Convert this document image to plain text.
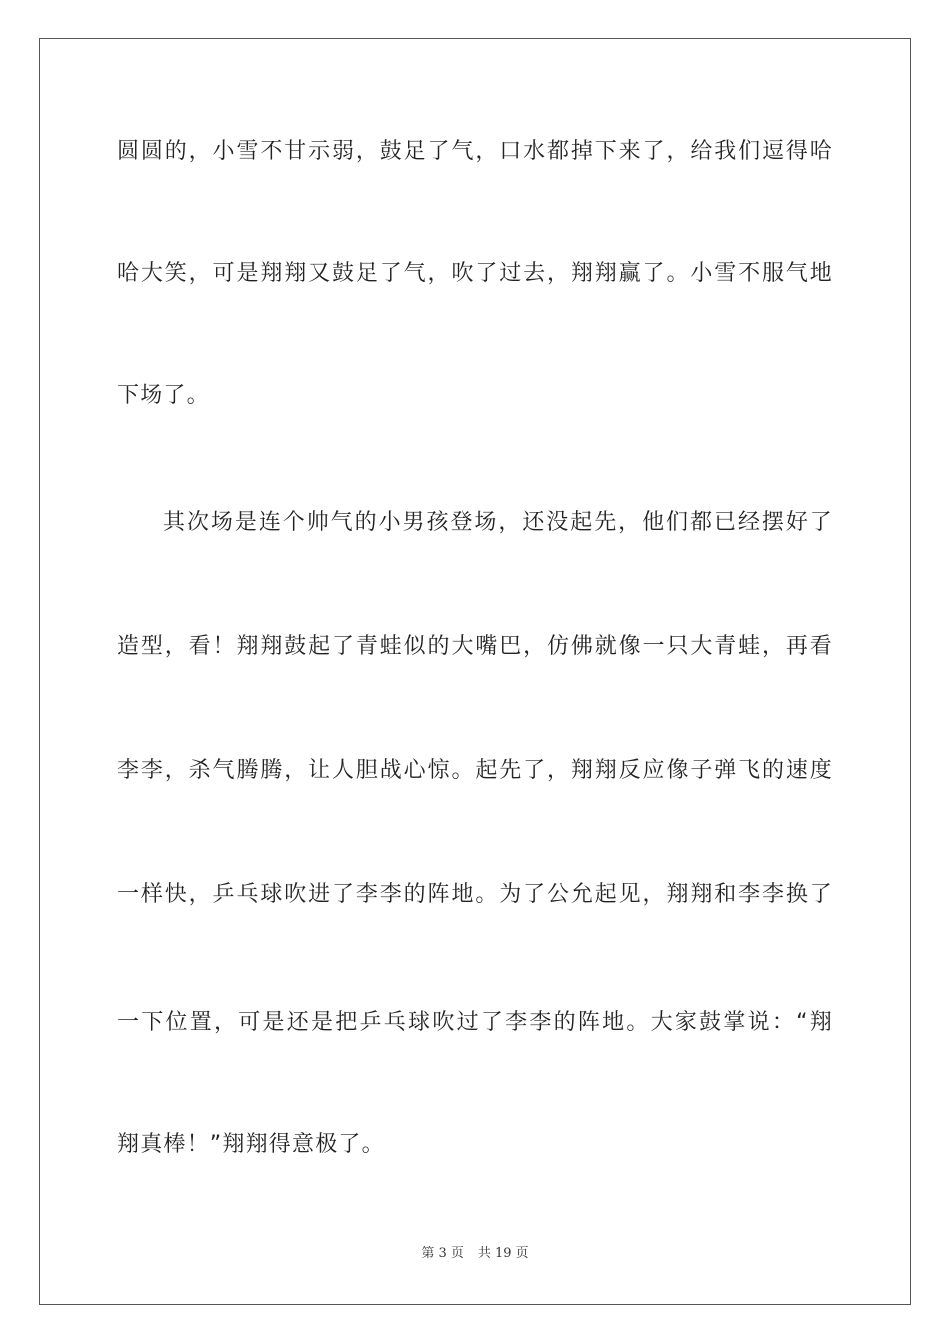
圆圆的，小雪不甘示弱，鼓足了气，口水都掉下来了，给我们逗得哈
哈大笑，可是翔翔又鼓足了气，吹了过去，翔翔赢了。小雪不服气地
下场了。
其次场是连个帅气的小男孩登场，还没起先，他们都已经摆好了
造型，看！翔翔鼓起了青蛙似的大嘴巴，仿佛就像一只大青蛙，再看
李李，杀气腾腾，让人胆战心惊。起先了，翔翔反应像子弹飞的速度
一样快，乒乓球吹进了李李的阵地。为了公允起见，翔翔和李李换了
一下位置，可是还是把乒乓球吹过了李李的阵地。大家鼓掌说：“翔
翔真棒！”翔翔得意极了。
第 3 页 共 19 页
